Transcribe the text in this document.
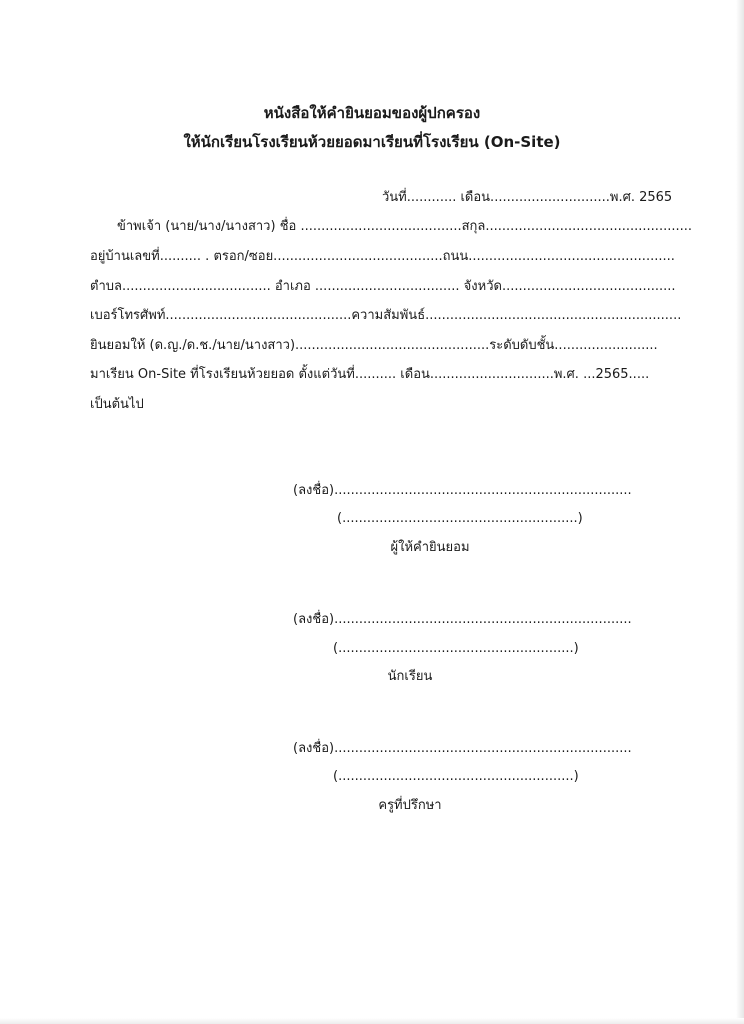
หนังสือให้คำยินยอมของผู้ปกครอง
ให้นักเรียนโรงเรียนห้วยยอดมาเรียนที่โรงเรียน (On-Site)
วันที่............ เดือน.............................พ.ศ. 2565
ข้าพเจ้า (นาย/นาง/นางสาว) ชื่อ .......................................สกุล..................................................
อยู่บ้านเลขที่.......... . ตรอก/ซอย.........................................ถนน..................................................
ตำบล.................................... อำเภอ ................................... จังหวัด..........................................
เบอร์โทรศัพท์.............................................ความสัมพันธ์..............................................................
ยินยอมให้ (ด.ญ./ด.ช./นาย/นางสาว)...............................................ระดับดับชั้น.........................
มาเรียน On-Site ที่โรงเรียนห้วยยอด ตั้งแต่วันที่.......... เดือน..............................พ.ศ. ...2565.....
เป็นต้นไป
(ลงชื่อ)........................................................................
(.........................................................)
ผู้ให้คำยินยอม
(ลงชื่อ)........................................................................
(.........................................................)
นักเรียน
(ลงชื่อ)........................................................................
(.........................................................)
ครูที่ปรึกษา
